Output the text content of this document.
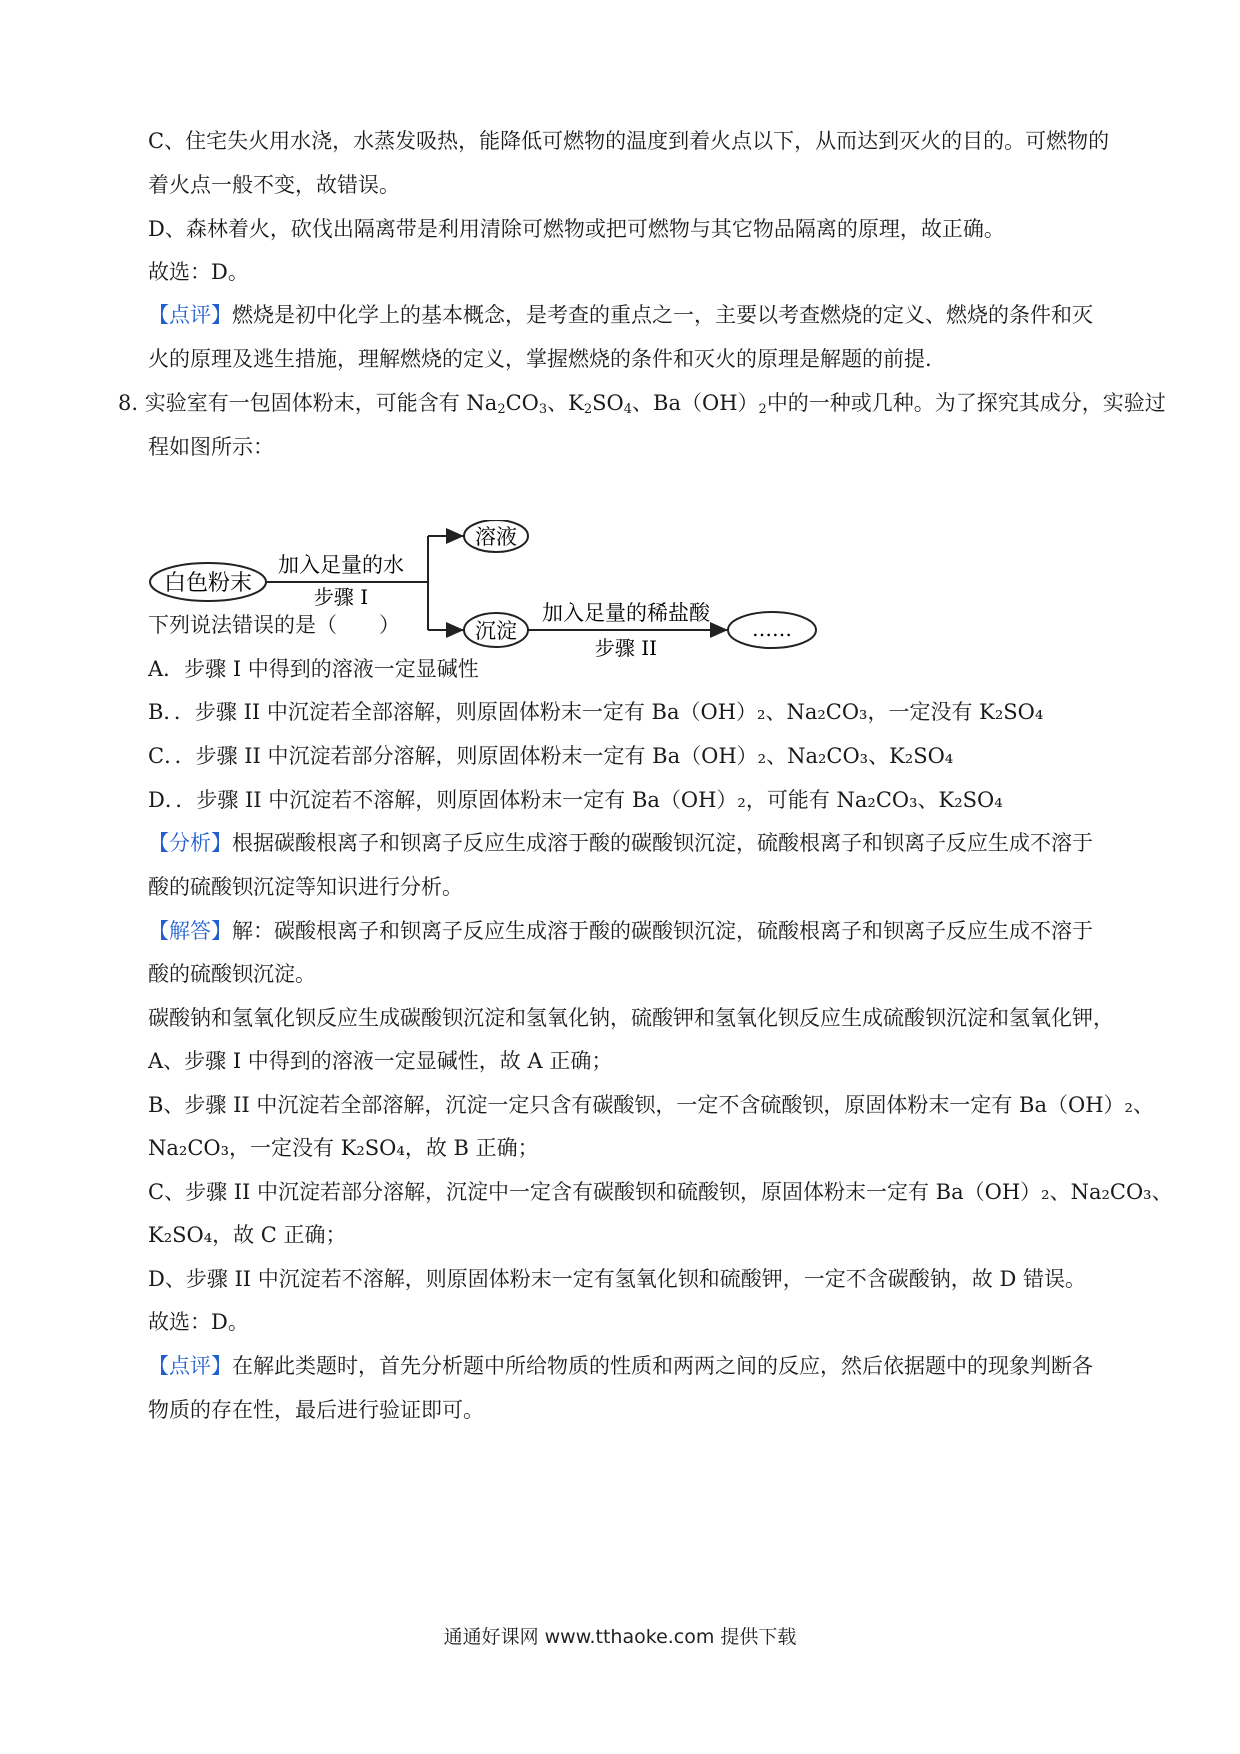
C、住宅失火用水浇，水蒸发吸热，能降低可燃物的温度到着火点以下，从而达到灭火的目的。可燃物的
着火点一般不变，故错误。
D、森林着火，砍伐出隔离带是利用清除可燃物或把可燃物与其它物品隔离的原理，故正确。
故选：D。
【点评】燃烧是初中化学上的基本概念，是考查的重点之一，主要以考查燃烧的定义、燃烧的条件和灭
火的原理及逃生措施，理解燃烧的定义，掌握燃烧的条件和灭火的原理是解题的前提.
8. 实验室有一包固体粉末，可能含有 $Na_2CO_3$、$K_2SO_4$、$Ba(OH)_2$中的一种或几种。为了探究其成分，实验过
程如图所示：
白色粉末
加入足量的水
步骤 I
溶液
沉淀
加入足量的稀盐酸
步骤 II
……
下列说法错误的是（　　）
A．步骤 I 中得到的溶液一定显碱性
B．．步骤 II 中沉淀若全部溶解，则原固体粉末一定有 Ba（OH）₂、Na₂CO₃，一定没有 K₂SO₄
C．．步骤 II 中沉淀若部分溶解，则原固体粉末一定有 Ba（OH）₂、Na₂CO₃、K₂SO₄
D．．步骤 II 中沉淀若不溶解，则原固体粉末一定有 Ba（OH）₂，可能有 Na₂CO₃、K₂SO₄
【分析】根据碳酸根离子和钡离子反应生成溶于酸的碳酸钡沉淀，硫酸根离子和钡离子反应生成不溶于
酸的硫酸钡沉淀等知识进行分析。
【解答】解：碳酸根离子和钡离子反应生成溶于酸的碳酸钡沉淀，硫酸根离子和钡离子反应生成不溶于
酸的硫酸钡沉淀。
碳酸钠和氢氧化钡反应生成碳酸钡沉淀和氢氧化钠，硫酸钾和氢氧化钡反应生成硫酸钡沉淀和氢氧化钾，
A、步骤 I 中得到的溶液一定显碱性，故 A 正确；
B、步骤 II 中沉淀若全部溶解，沉淀一定只含有碳酸钡，一定不含硫酸钡，原固体粉末一定有 Ba（OH）₂、
Na₂CO₃，一定没有 K₂SO₄，故 B 正确；
C、步骤 II 中沉淀若部分溶解，沉淀中一定含有碳酸钡和硫酸钡，原固体粉末一定有 Ba（OH）₂、Na₂CO₃、
K₂SO₄，故 C 正确；
D、步骤 II 中沉淀若不溶解，则原固体粉末一定有氢氧化钡和硫酸钾，一定不含碳酸钠，故 D 错误。
故选：D。
【点评】在解此类题时，首先分析题中所给物质的性质和两两之间的反应，然后依据题中的现象判断各
物质的存在性，最后进行验证即可。
通通好课网 www.tthaoke.com 提供下载
